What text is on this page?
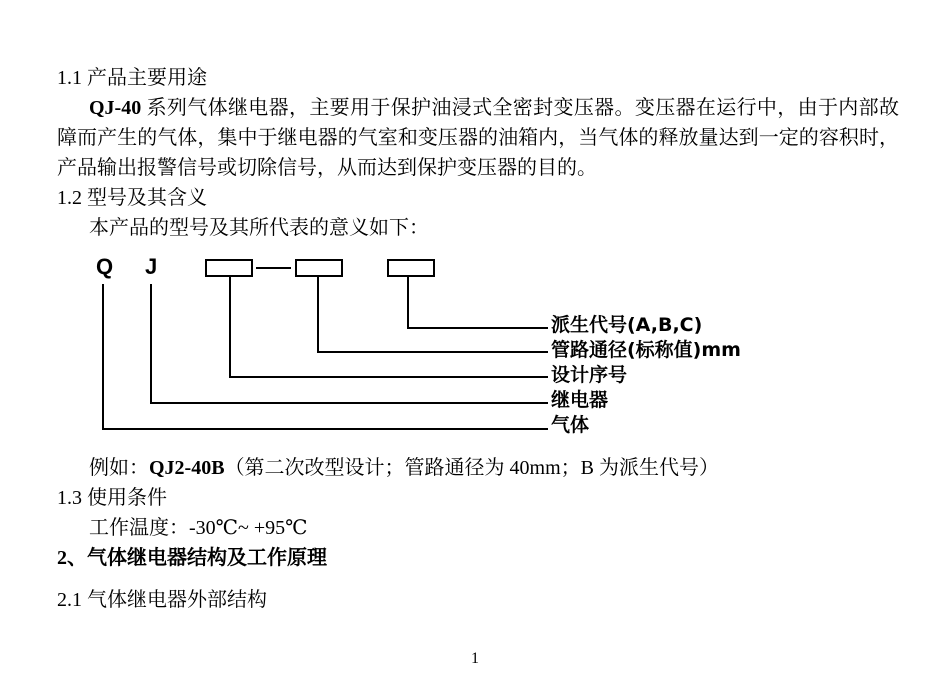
1.1 产品主要用途
QJ-40 系列气体继电器，主要用于保护油浸式全密封变压器。变压器在运行中，由于内部故障而产生的气体，集中于继电器的气室和变压器的油箱内，当气体的释放量达到一定的容积时，产品输出报警信号或切除信号，从而达到保护变压器的目的。
1.2 型号及其含义
本产品的型号及其所代表的意义如下：
Q J
派生代号(A,B,C)
管路通径(标称值)mm
设计序号
继电器
气体
例如：QJ2-40B（第二次改型设计；管路通径为 40mm；B 为派生代号）
1.3 使用条件
工作温度：-30℃~ +95℃
2、气体继电器结构及工作原理
2.1 气体继电器外部结构
1
